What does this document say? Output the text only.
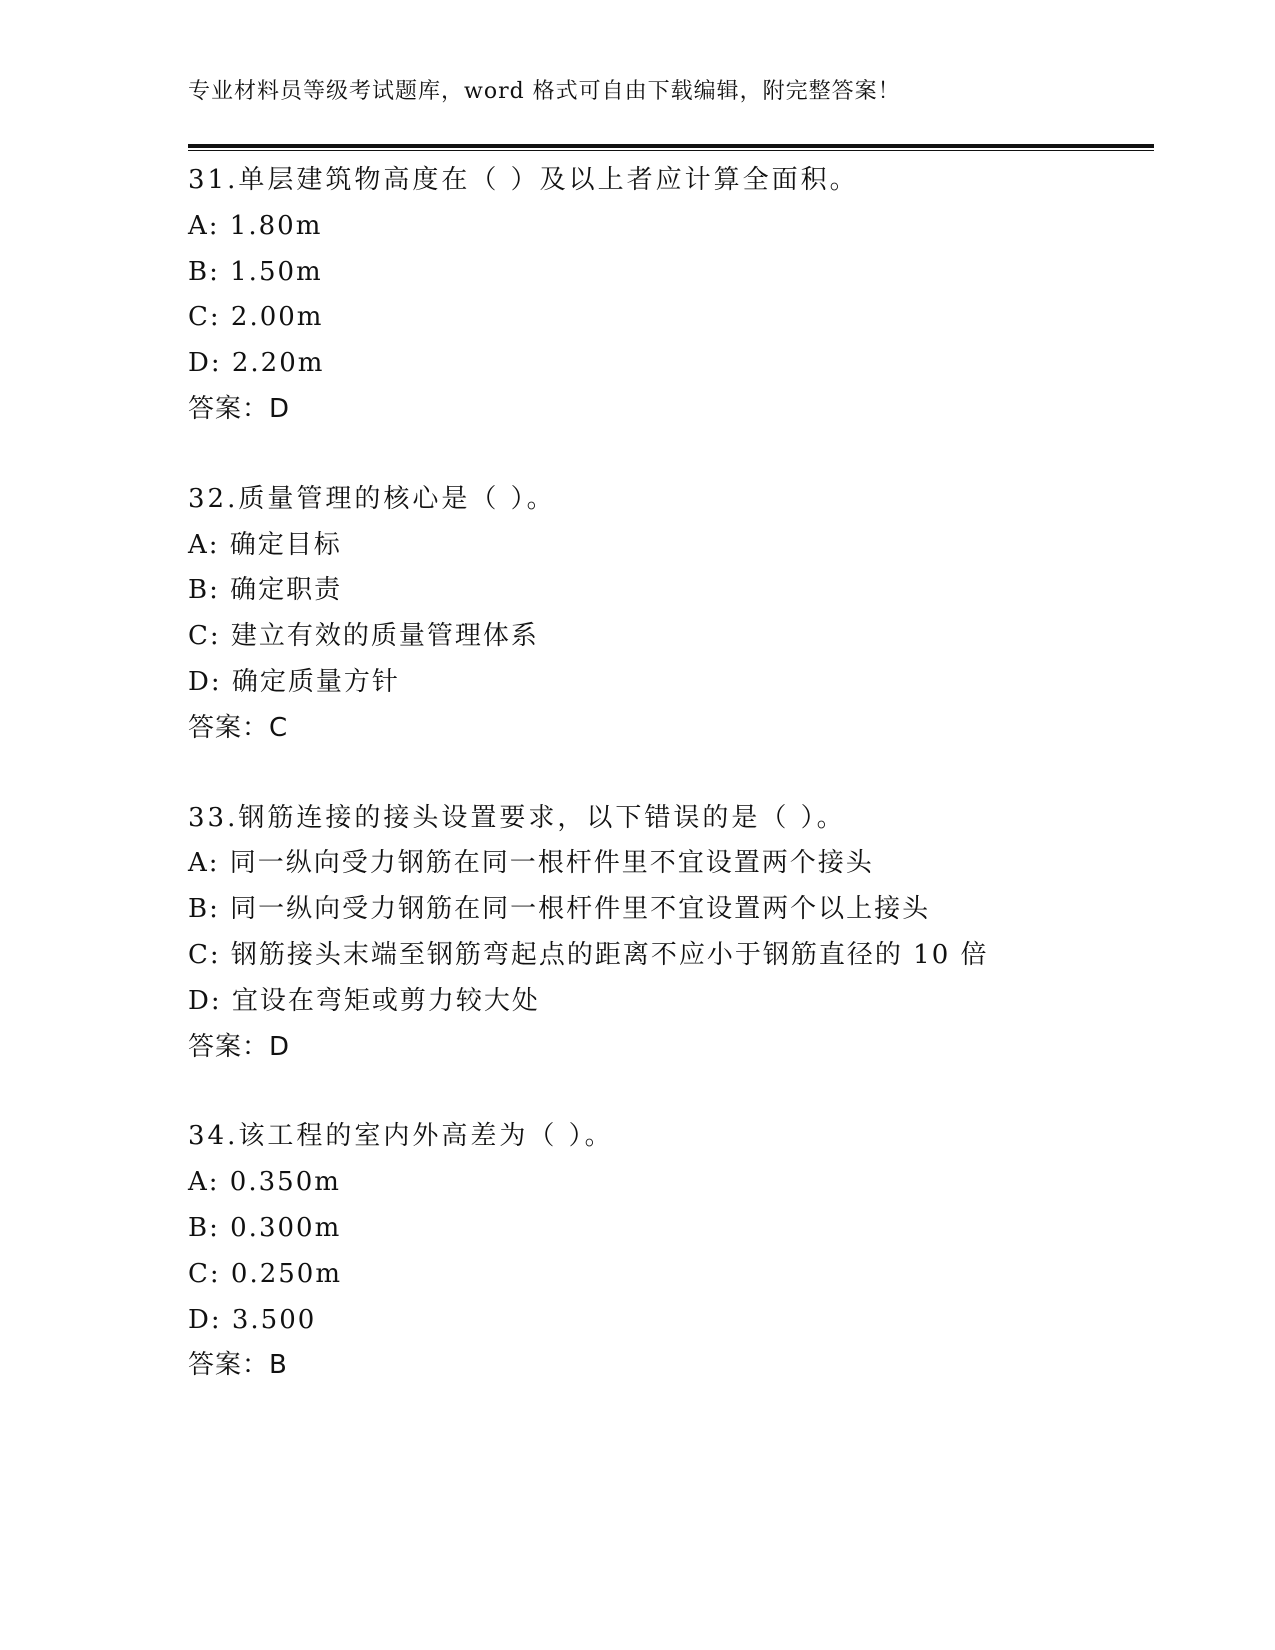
专业材料员等级考试题库，word 格式可自由下载编辑，附完整答案！
31.单层建筑物高度在（ ）及以上者应计算全面积。
A: 1.80m
B: 1.50m
C: 2.00m
D: 2.20m
答案：D
32.质量管理的核心是（ ）。
A: 确定目标
B: 确定职责
C: 建立有效的质量管理体系
D: 确定质量方针
答案：C
33.钢筋连接的接头设置要求，以下错误的是（ ）。
A: 同一纵向受力钢筋在同一根杆件里不宜设置两个接头
B: 同一纵向受力钢筋在同一根杆件里不宜设置两个以上接头
C: 钢筋接头末端至钢筋弯起点的距离不应小于钢筋直径的 10 倍
D: 宜设在弯矩或剪力较大处
答案：D
34.该工程的室内外高差为（ ）。
A: 0.350m
B: 0.300m
C: 0.250m
D: 3.500
答案：B
